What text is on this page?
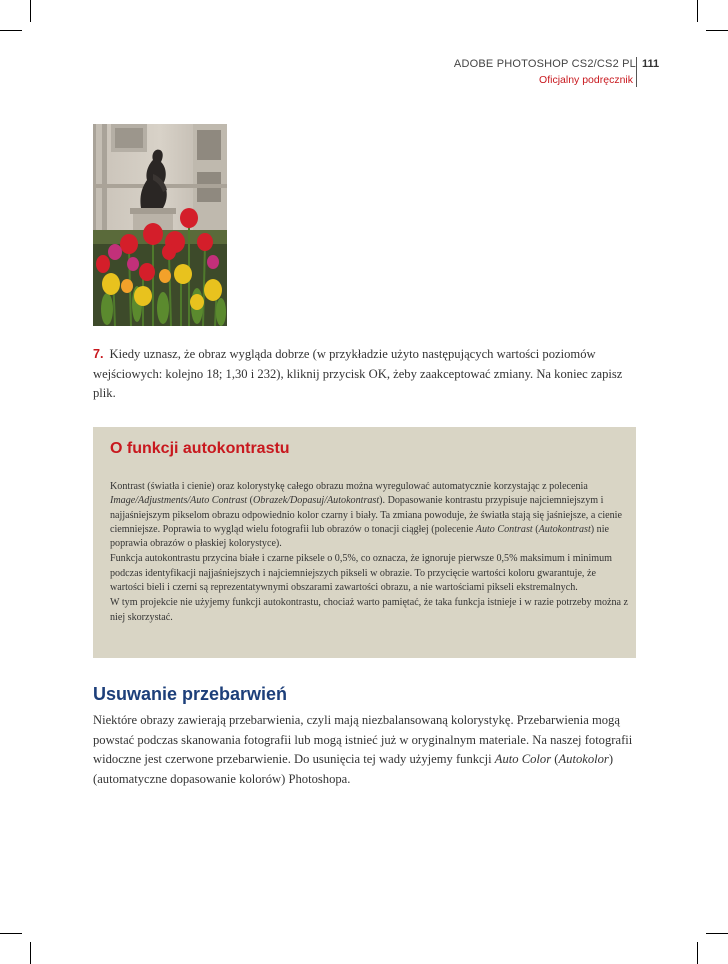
ADOBE PHOTOSHOP CS2/CS2 PL 111
Oficjalny podręcznik
7. Kiedy uznasz, że obraz wygląda dobrze (w przykładzie użyto następujących wartości poziomów wejściowych: kolejno 18; 1,30 i 232), kliknij przycisk OK, żeby zaakceptować zmiany. Na koniec zapisz plik.
O funkcji autokontrastu

Kontrast (światła i cienie) oraz kolorystykę całego obrazu można wyregulować automatycznie korzystając z polecenia Image/Adjustments/Auto Contrast (Obrazek/Dopasuj/Autokontrast). Dopasowanie kontrastu przypisuje najciemniejszym i najjaśniejszym pikselom obrazu odpowiednio kolor czarny i biały. Ta zmiana powoduje, że światła stają się jaśniejsze, a cienie ciemniejsze. Poprawia to wygląd wielu fotografii lub obrazów o tonacji ciągłej (polecenie Auto Contrast (Autokontrast) nie poprawia obrazów o płaskiej kolorystyce).

Funkcja autokontrastu przycina białe i czarne piksele o 0,5%, co oznacza, że ignoruje pierwsze 0,5% maksimum i minimum podczas identyfikacji najjaśniejszych i najciemniejszych pikseli w obrazie. To przycięcie wartości koloru gwarantuje, że wartości bieli i czerni są reprezentatywnymi obszarami zawartości obrazu, a nie wartościami pikseli ekstremalnych.

W tym projekcie nie użyjemy funkcji autokontrastu, chociaż warto pamiętać, że taka funkcja istnieje i w razie potrzeby można z niej skorzystać.

Usuwanie przebarwień

Niektóre obrazy zawierają przebarwienia, czyli mają niezbalansowaną kolorystykę. Przebarwienia mogą powstać podczas skanowania fotografii lub mogą istnieć już w oryginalnym materiale. Na naszej fotografii widoczne jest czerwone przebarwienie. Do usunięcia tej wady użyjemy funkcji Auto Color (Autokolor) (automatyczne dopasowanie kolorów) Photoshopa.
